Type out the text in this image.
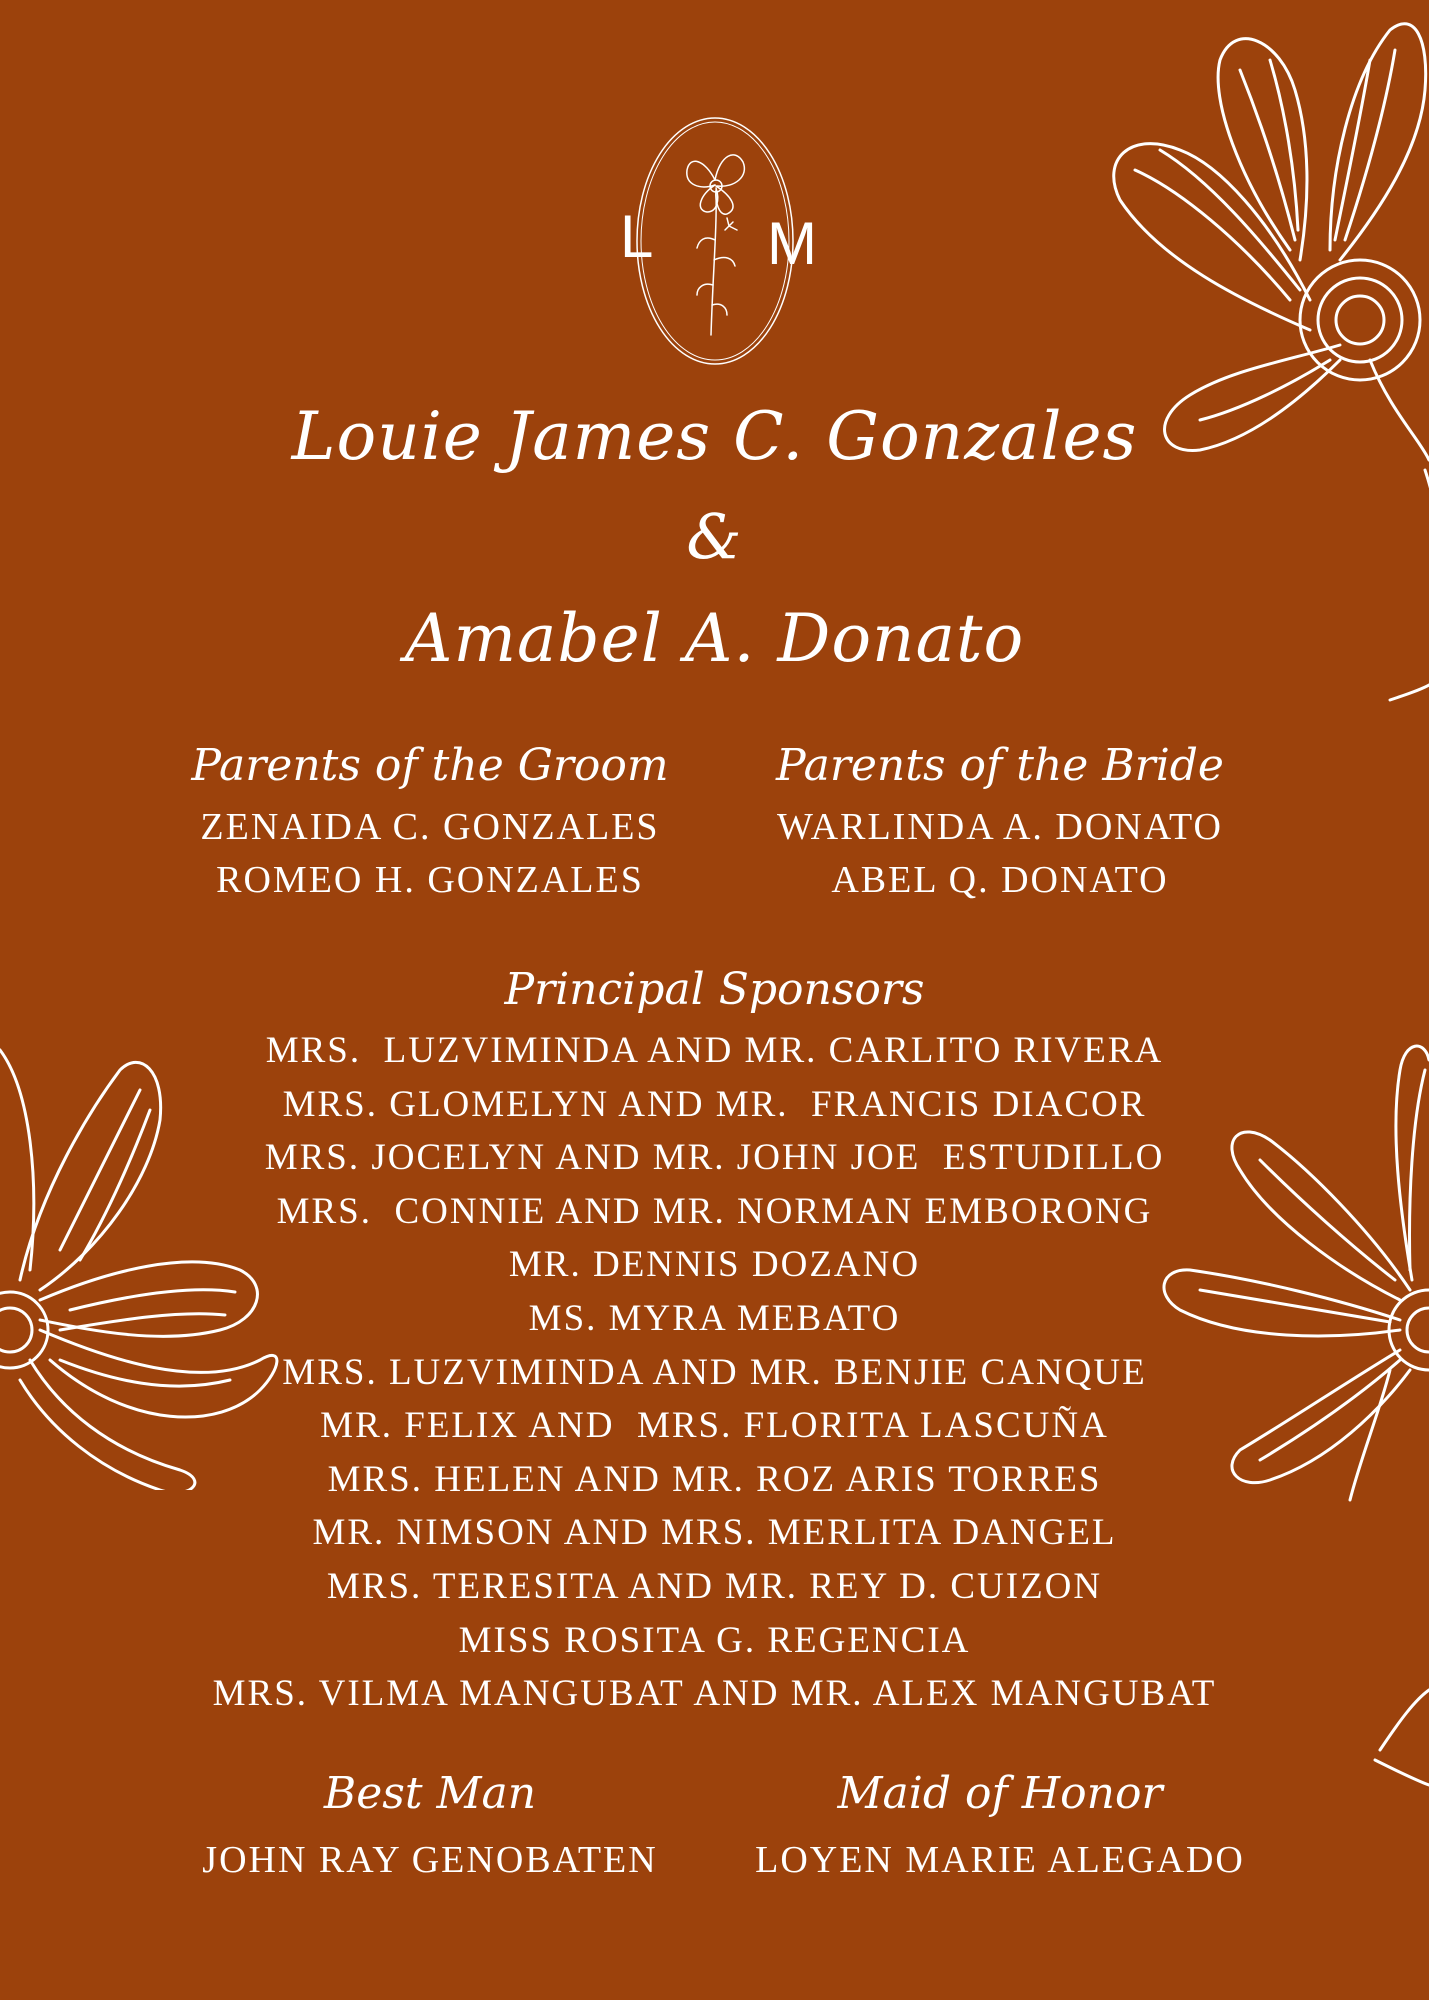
L M
Louie James C. Gonzales
&
Amabel A. Donato
Parents of the Groom
ZENAIDA C. GONZALES
ROMEO H. GONZALES
Parents of the Bride
WARLINDA A. DONATO
ABEL Q. DONATO
Principal Sponsors
MRS.  LUZVIMINDA AND MR. CARLITO RIVERA
MRS. GLOMELYN AND MR.  FRANCIS DIACOR
MRS. JOCELYN AND MR. JOHN JOE  ESTUDILLO
MRS.  CONNIE AND MR. NORMAN EMBORONG
MR. DENNIS DOZANO
MS. MYRA MEBATO
MRS. LUZVIMINDA AND MR. BENJIE CANQUE
MR. FELIX AND  MRS. FLORITA LASCUÑA
MRS. HELEN AND MR. ROZ ARIS TORRES
MR. NIMSON AND MRS. MERLITA DANGEL
MRS. TERESITA AND MR. REY D. CUIZON
MISS ROSITA G. REGENCIA
MRS. VILMA MANGUBAT AND MR. ALEX MANGUBAT
Best Man
JOHN RAY GENOBATEN
Maid of Honor
LOYEN MARIE ALEGADO
